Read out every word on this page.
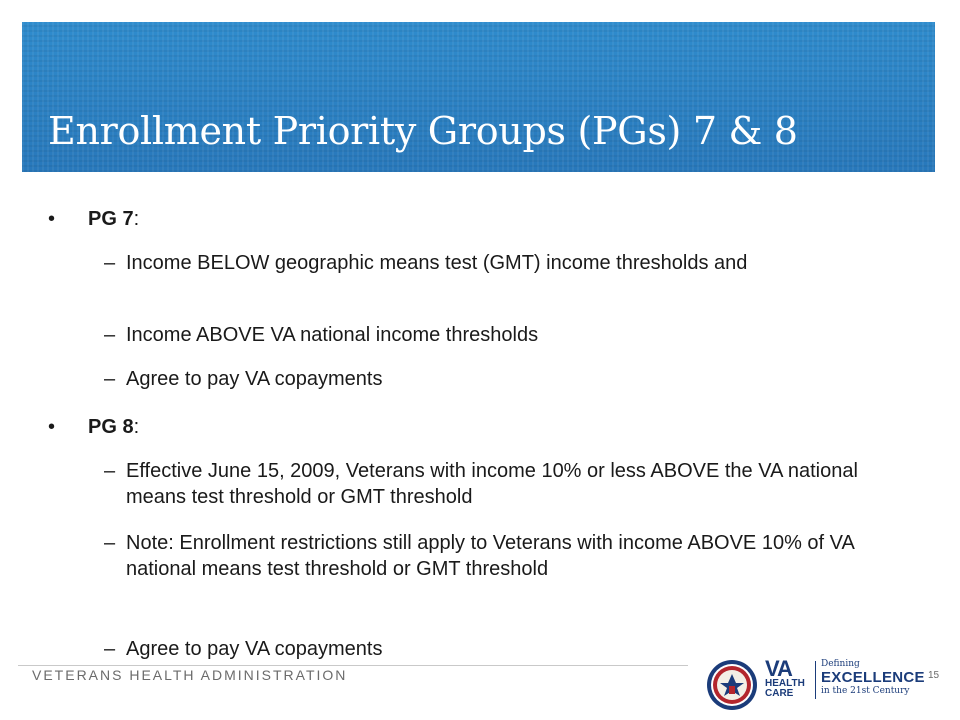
Enrollment Priority Groups (PGs) 7 & 8
• PG 7:
– Income BELOW geographic means test (GMT) income thresholds and
– Income ABOVE VA national income thresholds
– Agree to pay VA copayments
• PG 8:
– Effective June 15, 2009, Veterans with income 10% or less ABOVE the VA national means test threshold or GMT threshold
– Note: Enrollment restrictions still apply to Veterans with income ABOVE 10% of VA national means test threshold or GMT threshold
– Agree to pay VA copayments
VETERANS HEALTH ADMINISTRATION	VA
HEALTH
CARE
Defining
EXCELLENCE
in the 21st Century
15
